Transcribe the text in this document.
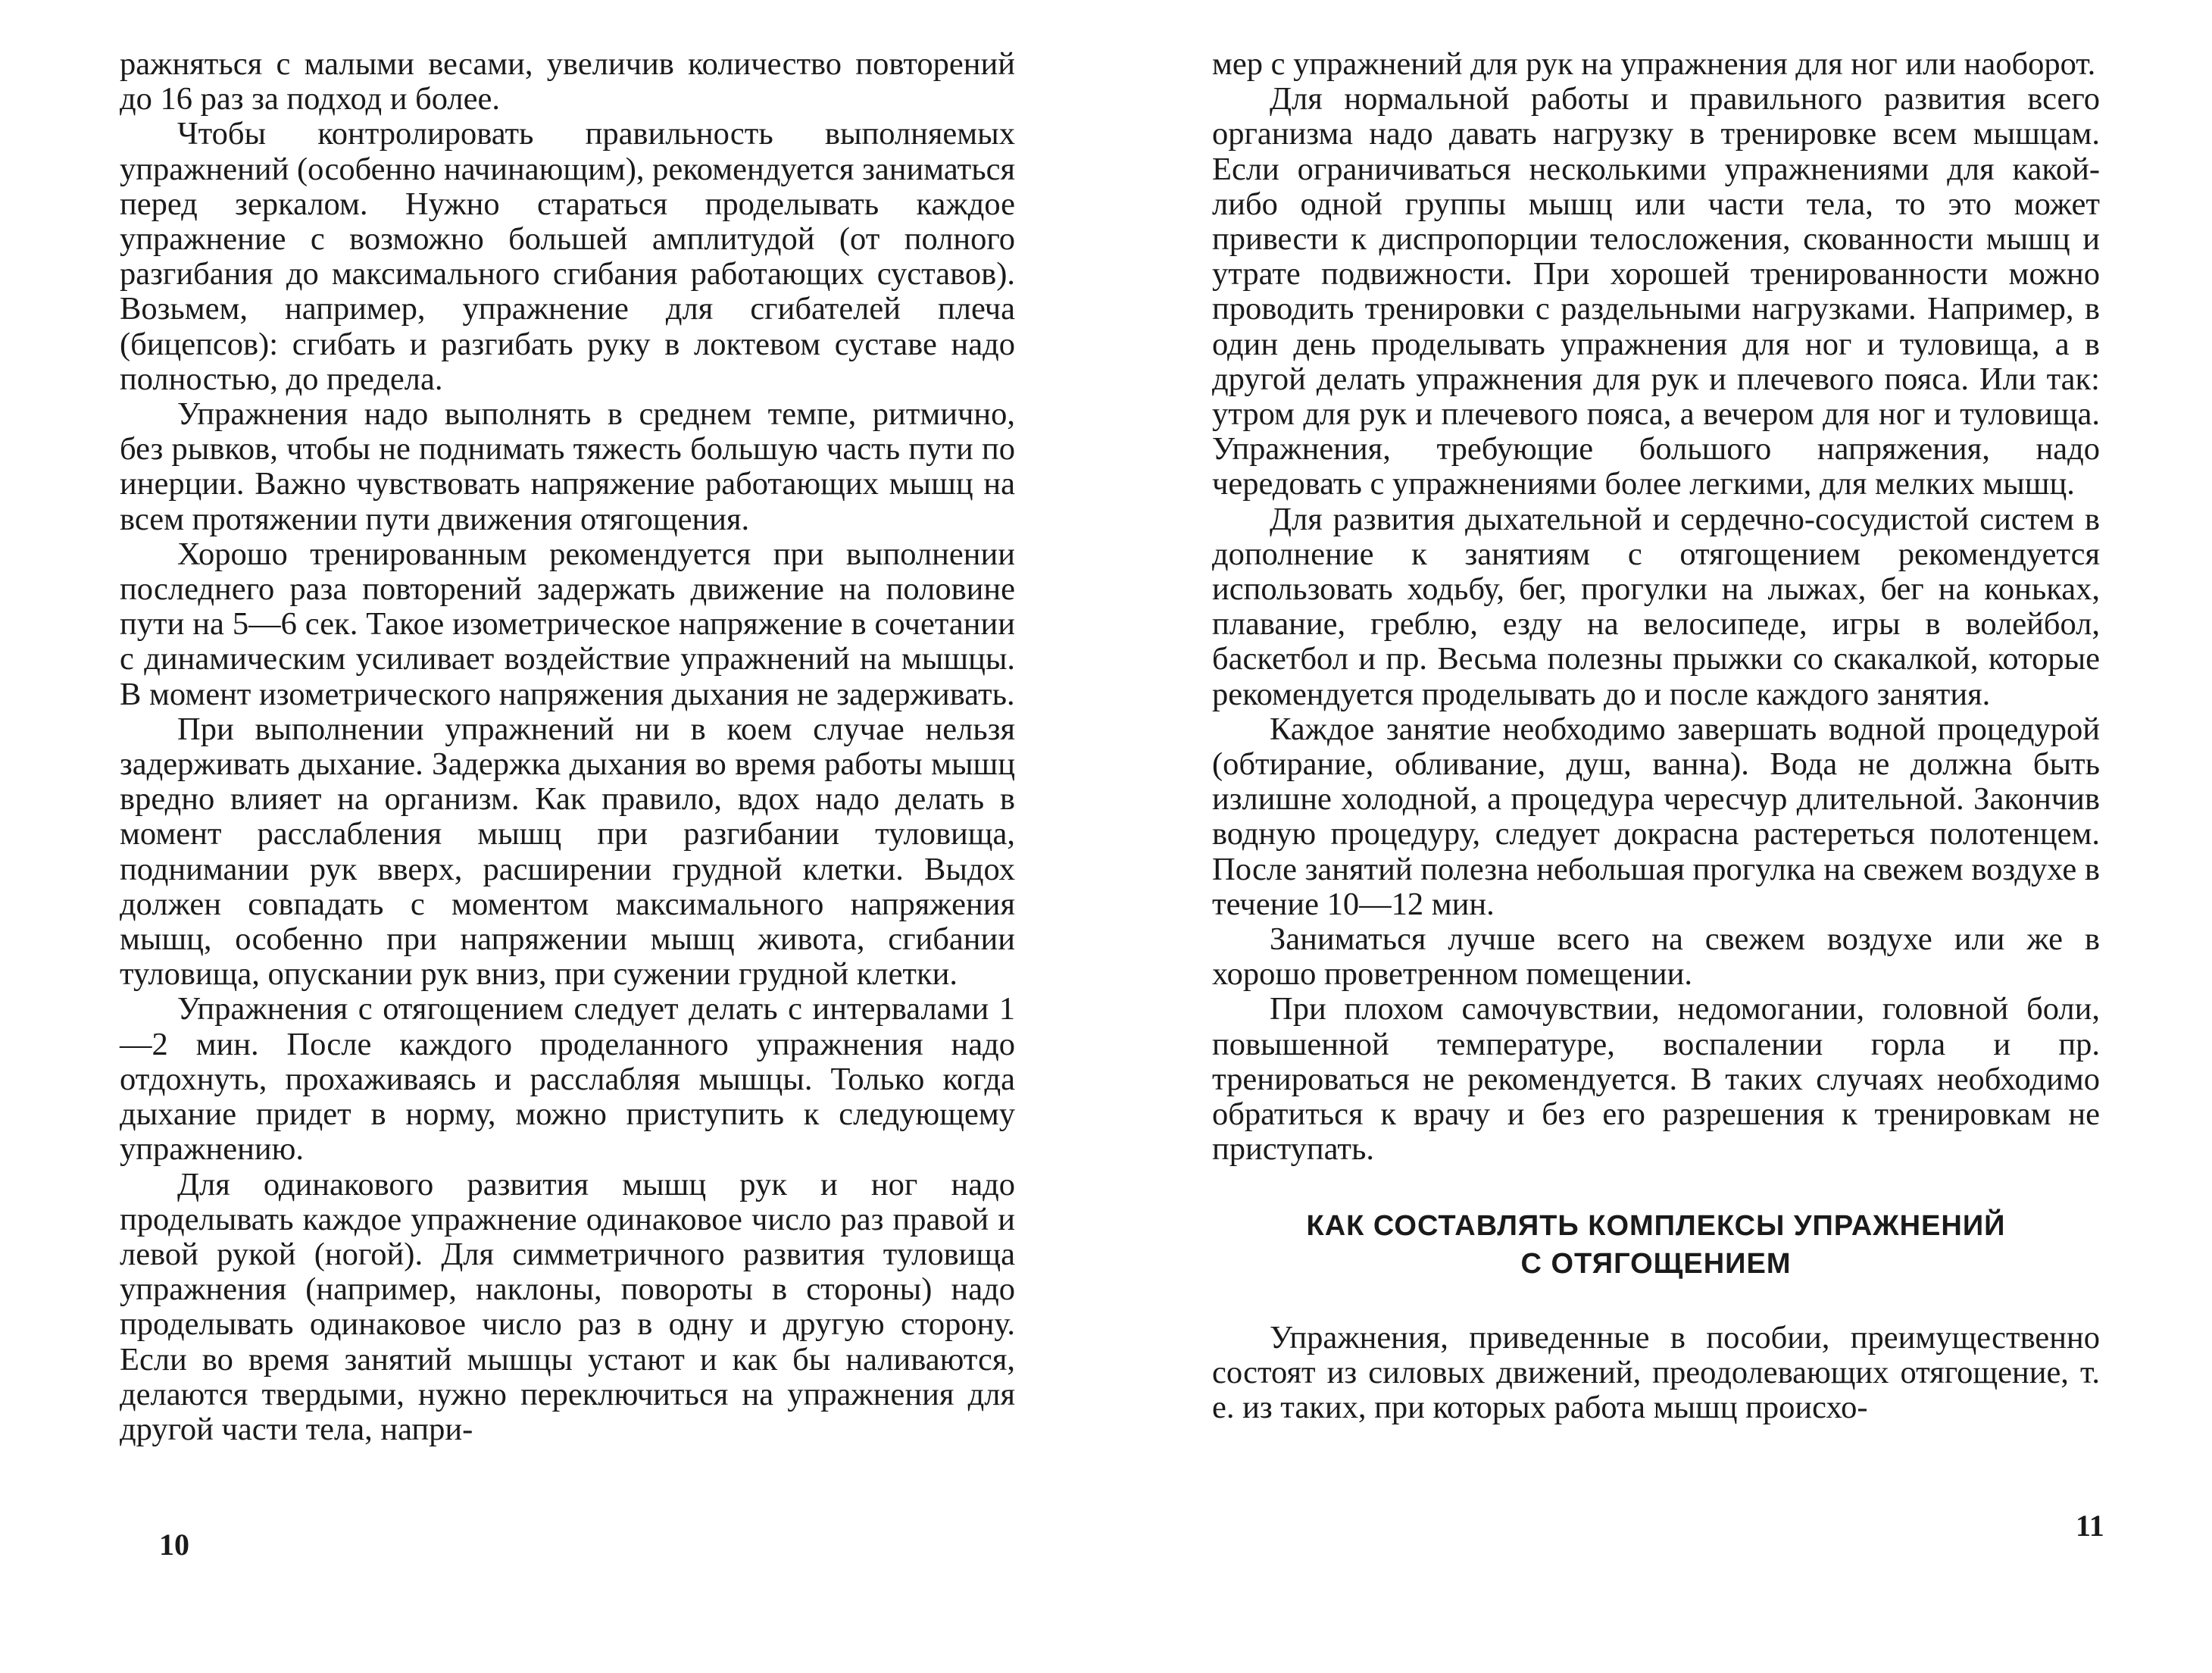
ражняться с малыми весами, увеличив количество повторений до 16 раз за подход и более.

Чтобы контролировать правильность выполняемых упражнений (особенно начинающим), рекомендуется заниматься перед зеркалом. Нужно стараться проделывать каждое упражнение с возможно большей амплитудой (от полного разгибания до максимального сгибания работающих суставов). Возьмем, например, упражнение для сгибателей плеча (бицепсов): сгибать и разгибать руку в локтевом суставе надо полностью, до предела.

Упражнения надо выполнять в среднем темпе, ритмично, без рывков, чтобы не поднимать тяжесть большую часть пути по инерции. Важно чувствовать напряжение работающих мышц на всем протяжении пути движения отягощения.

Хорошо тренированным рекомендуется при выполнении последнего раза повторений задержать движение на половине пути на 5—6 сек. Такое изометрическое напряжение в сочетании с динамическим усиливает воздействие упражнений на мышцы. В момент изометрического напряжения дыхания не задерживать.

При выполнении упражнений ни в коем случае нельзя задерживать дыхание. Задержка дыхания во время работы мышц вредно влияет на организм. Как правило, вдох надо делать в момент расслабления мышц при разгибании туловища, поднимании рук вверх, расширении грудной клетки. Выдох должен совпадать с моментом максимального напряжения мышц, особенно при напряжении мышц живота, сгибании туловища, опускании рук вниз, при сужении грудной клетки.

Упражнения с отягощением следует делать с интервалами 1—2 мин. После каждого проделанного упражнения надо отдохнуть, прохаживаясь и расслабляя мышцы. Только когда дыхание придет в норму, можно приступить к следующему упражнению.

Для одинакового развития мышц рук и ног надо проделывать каждое упражнение одинаковое число раз правой и левой рукой (ногой). Для симметричного развития туловища упражнения (например, наклоны, повороты в стороны) надо проделывать одинаковое число раз в одну и другую сторону. Если во время занятий мышцы устают и как бы наливаются, делаются твердыми, нужно переключиться на упражнения для другой части тела, напри-

10

мер с упражнений для рук на упражнения для ног или наоборот.

Для нормальной работы и правильного развития всего организма надо давать нагрузку в тренировке всем мышцам. Если ограничиваться несколькими упражнениями для какой-либо одной группы мышц или части тела, то это может привести к диспропорции телосложения, скованности мышц и утрате подвижности. При хорошей тренированности можно проводить тренировки с раздельными нагрузками. Например, в один день проделывать упражнения для ног и туловища, а в другой делать упражнения для рук и плечевого пояса. Или так: утром для рук и плечевого пояса, а вечером для ног и туловища. Упражнения, требующие большого напряжения, надо чередовать с упражнениями более легкими, для мелких мышц.

Для развития дыхательной и сердечно-сосудистой систем в дополнение к занятиям с отягощением рекомендуется использовать ходьбу, бег, прогулки на лыжах, бег на коньках, плавание, греблю, езду на велосипеде, игры в волейбол, баскетбол и пр. Весьма полезны прыжки со скакалкой, которые рекомендуется проделывать до и после каждого занятия.

Каждое занятие необходимо завершать водной процедурой (обтирание, обливание, душ, ванна). Вода не должна быть излишне холодной, а процедура чересчур длительной. Закончив водную процедуру, следует докрасна растереться полотенцем. После занятий полезна небольшая прогулка на свежем воздухе в течение 10—12 мин.

Заниматься лучше всего на свежем воздухе или же в хорошо проветренном помещении.

При плохом самочувствии, недомогании, головной боли, повышенной температуре, воспалении горла и пр. тренироваться не рекомендуется. В таких случаях необходимо обратиться к врачу и без его разрешения к тренировкам не приступать.

КАК СОСТАВЛЯТЬ КОМПЛЕКСЫ УПРАЖНЕНИЙ
С ОТЯГОЩЕНИЕМ

Упражнения, приведенные в пособии, преимущественно состоят из силовых движений, преодолевающих отягощение, т. е. из таких, при которых работа мышц происхо-

11
